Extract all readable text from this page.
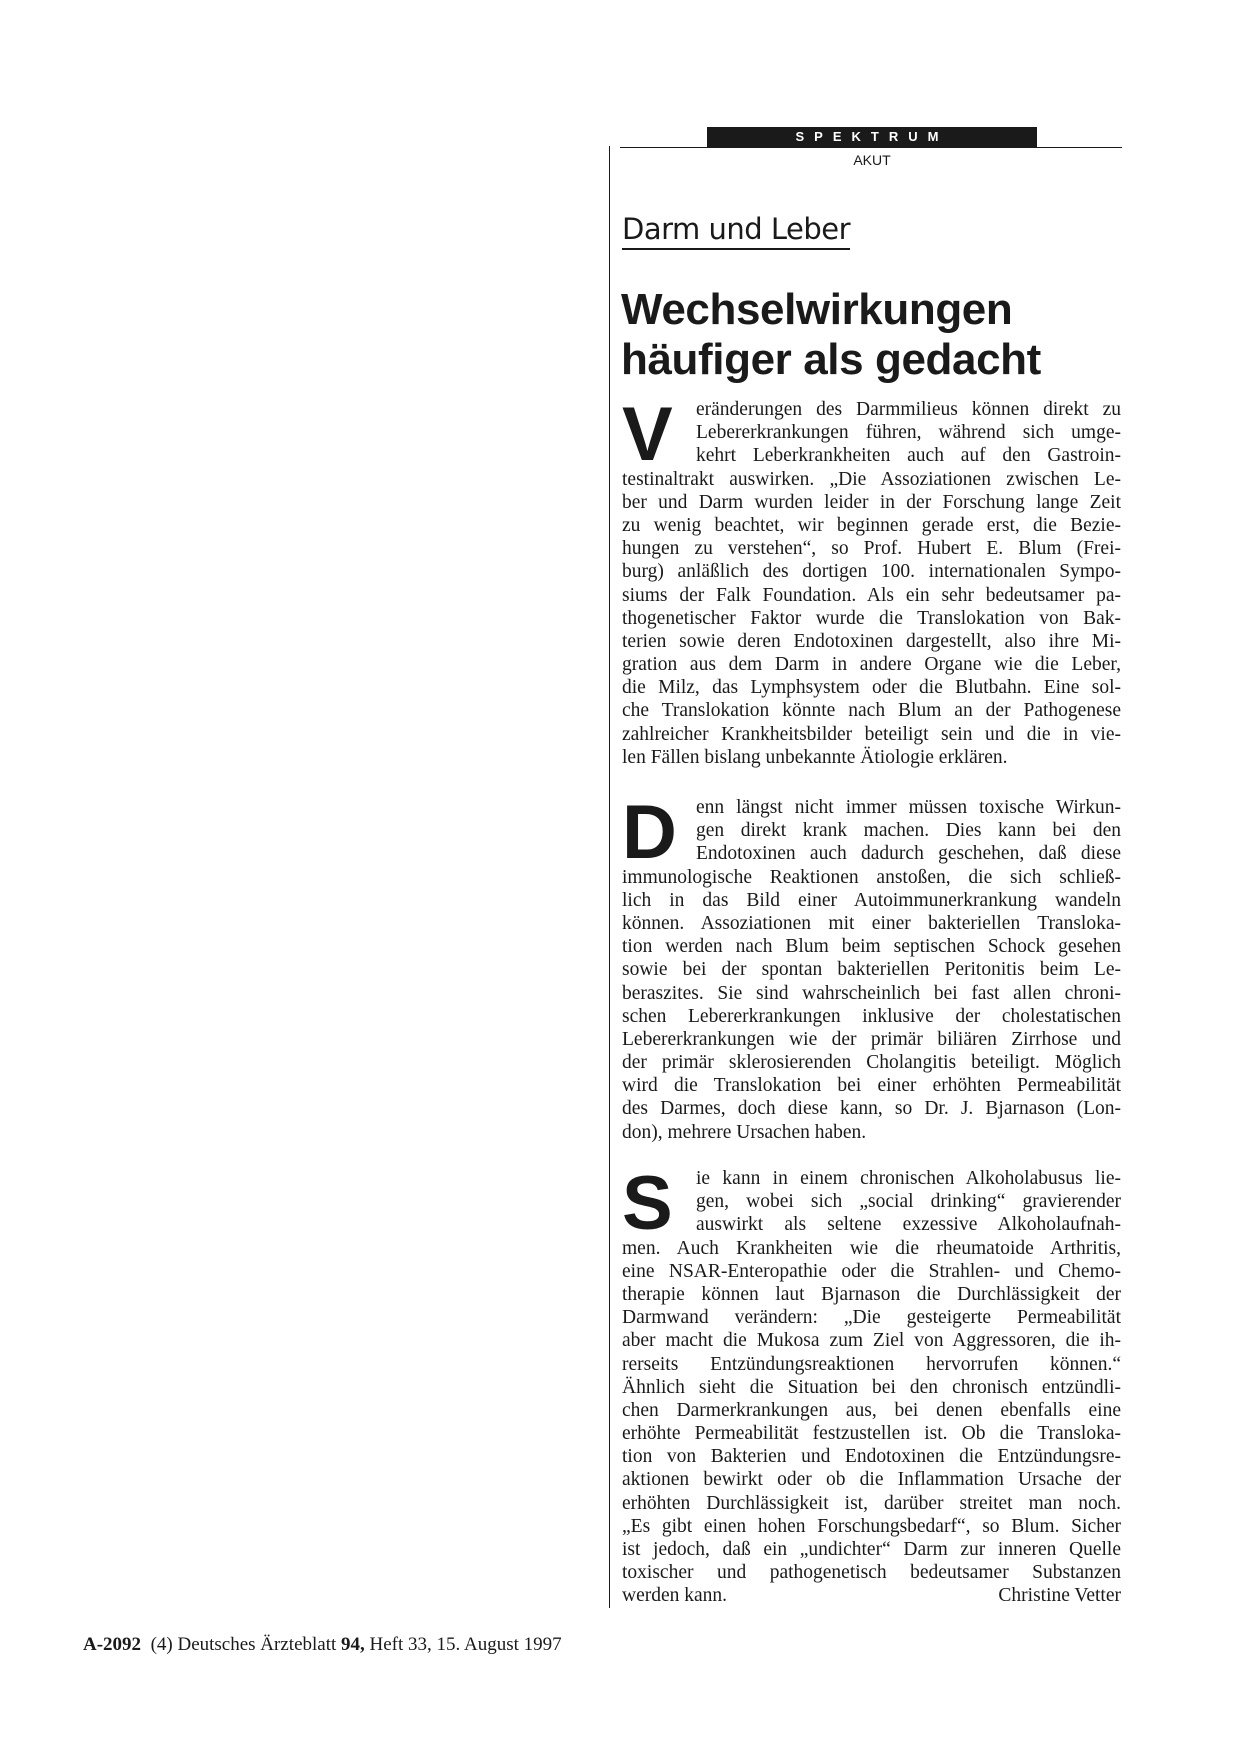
SPEKTRUM
AKUT
Darm und Leber
Wechselwirkungen
häufiger als gedacht
V	eränderungen des Darmmilieus können direkt zu
Lebererkrankungen führen, während sich umge-
kehrt Leberkrankheiten auch auf den Gastroin-
testinaltrakt auswirken. „Die Assoziationen zwischen Le-
ber und Darm wurden leider in der Forschung lange Zeit
zu wenig beachtet, wir beginnen gerade erst, die Bezie-
hungen zu verstehen“, so Prof. Hubert E. Blum (Frei-
burg) anläßlich des dortigen 100. internationalen Sympo-
siums der Falk Foundation. Als ein sehr bedeutsamer pa-
thogenetischer Faktor wurde die Translokation von Bak-
terien sowie deren Endotoxinen dargestellt, also ihre Mi-
gration aus dem Darm in andere Organe wie die Leber,
die Milz, das Lymphsystem oder die Blutbahn. Eine sol-
che Translokation könnte nach Blum an der Pathogenese
zahlreicher Krankheitsbilder beteiligt sein und die in vie-
len Fällen bislang unbekannte Ätiologie erklären.
D enn längst nicht immer müssen toxische Wirkun-
gen direkt krank machen. Dies kann bei den
Endotoxinen auch dadurch geschehen, daß diese
immunologische Reaktionen anstoßen, die sich schließ-
lich in das Bild einer Autoimmunerkrankung wandeln
können. Assoziationen mit einer bakteriellen Transloka-
tion werden nach Blum beim septischen Schock gesehen
sowie bei der spontan bakteriellen Peritonitis beim Le-
beraszites. Sie sind wahrscheinlich bei fast allen chroni-
schen Lebererkrankungen inklusive der cholestatischen
Lebererkrankungen wie der primär biliären Zirrhose und
der primär sklerosierenden Cholangitis beteiligt. Möglich
wird die Translokation bei einer erhöhten Permeabilität
des Darmes, doch diese kann, so Dr. J. Bjarnason (Lon-
don), mehrere Ursachen haben.
S	ie kann in einem chronischen Alkoholabusus lie-
gen, wobei sich „social drinking“ gravierender
auswirkt als seltene exzessive Alkoholaufnah-
men. Auch Krankheiten wie die rheumatoide Arthritis,
eine NSAR-Enteropathie oder die Strahlen- und Chemo-
therapie können laut Bjarnason die Durchlässigkeit der
Darmwand verändern: „Die gesteigerte Permeabilität
aber macht die Mukosa zum Ziel von Aggressoren, die ih-
rerseits Entzündungsreaktionen hervorrufen können.“
Ähnlich sieht die Situation bei den chronisch entzündli-
chen Darmerkrankungen aus, bei denen ebenfalls eine
erhöhte Permeabilität festzustellen ist. Ob die Transloka-
tion von Bakterien und Endotoxinen die Entzündungsre-
aktionen bewirkt oder ob die Inflammation Ursache der
erhöhten Durchlässigkeit ist, darüber streitet man noch.
„Es gibt einen hohen Forschungsbedarf“, so Blum. Sicher
ist jedoch, daß ein „undichter“ Darm zur inneren Quelle
toxischer und pathogenetisch bedeutsamer Substanzen
werden kann.	Christine Vetter
A-2092 (4) Deutsches Ärzteblatt 94, Heft 33, 15. August 1997
